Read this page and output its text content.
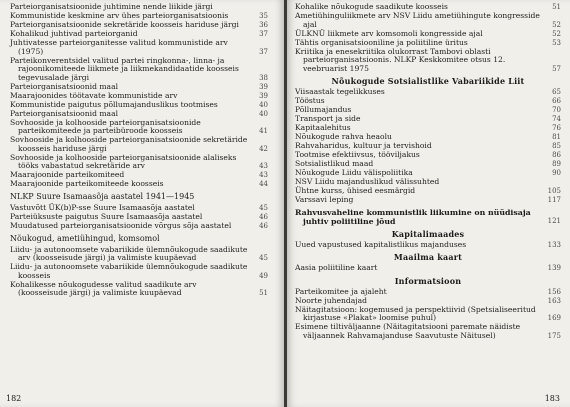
Parteiorganisatsioonide juhtimine nende liikide järgi
Kommunistide keskmine arv ühes parteiorganisatsioonis	35
Parteiorganisatsioonide sekretäride koosseis hariduse järgi	36
Kohalikud juhtivad parteiorganid	37
Juhtivatesse parteiorganitesse valitud kommunistide arv (1975)	37
Parteikonverentsidel valitud partei ringkonna-, linna- ja rajoonikomiteede liikmete ja liikmekandidaatide koosseis tegevusalade järgi	38
Parteiorganisatsioonid maal	39
Maarajoonides töötavate kommunistide arv	39
Kommunistide paigutus põllumajanduslikus tootmises	40
Parteiorganisatsioonid maal	40
Sovhooside ja kolhooside parteiorganisatsioonide parteikomiteede ja parteibüroode koosseis	41
Sovhooside ja kolhooside parteiorganisatsioonide sekretäride koosseis hariduse järgi	42
Sovhooside ja kolhooside parteiorganisatsioonide alaliseks tööks vabastatud sekretäride arv	43
Maarajoonide parteikomiteed	43
Maarajoonide parteikomiteede koosseis	44
NLKP Suure Isamaasõja aastatel 1941—1945
Vastuvõtt ÜK(b)P-sse Suure Isamaasõja aastatel	45
Parteiüksuste paigutus Suure Isamaasõja aastatel	46
Muudatused parteiorganisatsioonide võrgus sõja aastatel	46
Nõukogud, ametiühingud, komsomol
Liidu- ja autonoomsete vabariikide ülemnõukogude saadikute arv (koosseisude järgi) ja valimiste kuupäevad	45
Liidu- ja autonoomsete vabariikide ülemnõukogude saadikute koosseis	49
Kohalikesse nõukogudesse valitud saadikute arv (koosseisude järgi) ja valimiste kuupäevad	51
182
Kohalike nõukogude saadikute koosseis	51
Ametiühinguliikmete arv NSV Liidu ametiühingute kongresside ajal	52
ÜLKNÜ liikmete arv komsomoli kongresside ajal	52
Tähtis organisatsiooniline ja poliitiline üritus	53
Kriitika ja enesekriitika olukorrast Tambovi oblasti parteiorganisatsioonis. NLKP Keskkomitee otsus 12. veebruarist 1975	57
Nõukogude Sotsialistlike Vabariikide Liit
Viisaastak tegelikkuses	65
Tööstus	66
Põllumajandus	70
Transport ja side	74
Kapitaalehitus	76
Nõukogude rahva heaolu	81
Rahvaharidus, kultuur ja tervishoid	85
Tootmise efektiivsus, tööviljakus	86
Sotsialistlikud maad	89
Nõukogude Liidu välispoliitika	90
NSV Liidu majanduslikud välissuhted
Ühtne kurss, ühised eesmärgid	105
Varssavi leping	117
Rahvusvaheline kommunistlik liikumine on nüüdisaja juhtiv poliitiline jõud	121
Kapitalimaades
Uued vapustused kapitalistlikus majanduses	133
Maailma kaart
Aasia poliitiline kaart	139
Informatsioon
Parteikomitee ja ajaleht	156
Noorte juhendajad	163
Näitagitatsioon: kogemused ja perspektiivid (Spetsialiseeritud kirjastuse «Plakat» loomise puhul)	169
Esimene tiltiväljaanne (Näitagitatsiooni paremate näidiste väljaannek Rahvamajanduse Saavutuste Näitusel)	175
183
